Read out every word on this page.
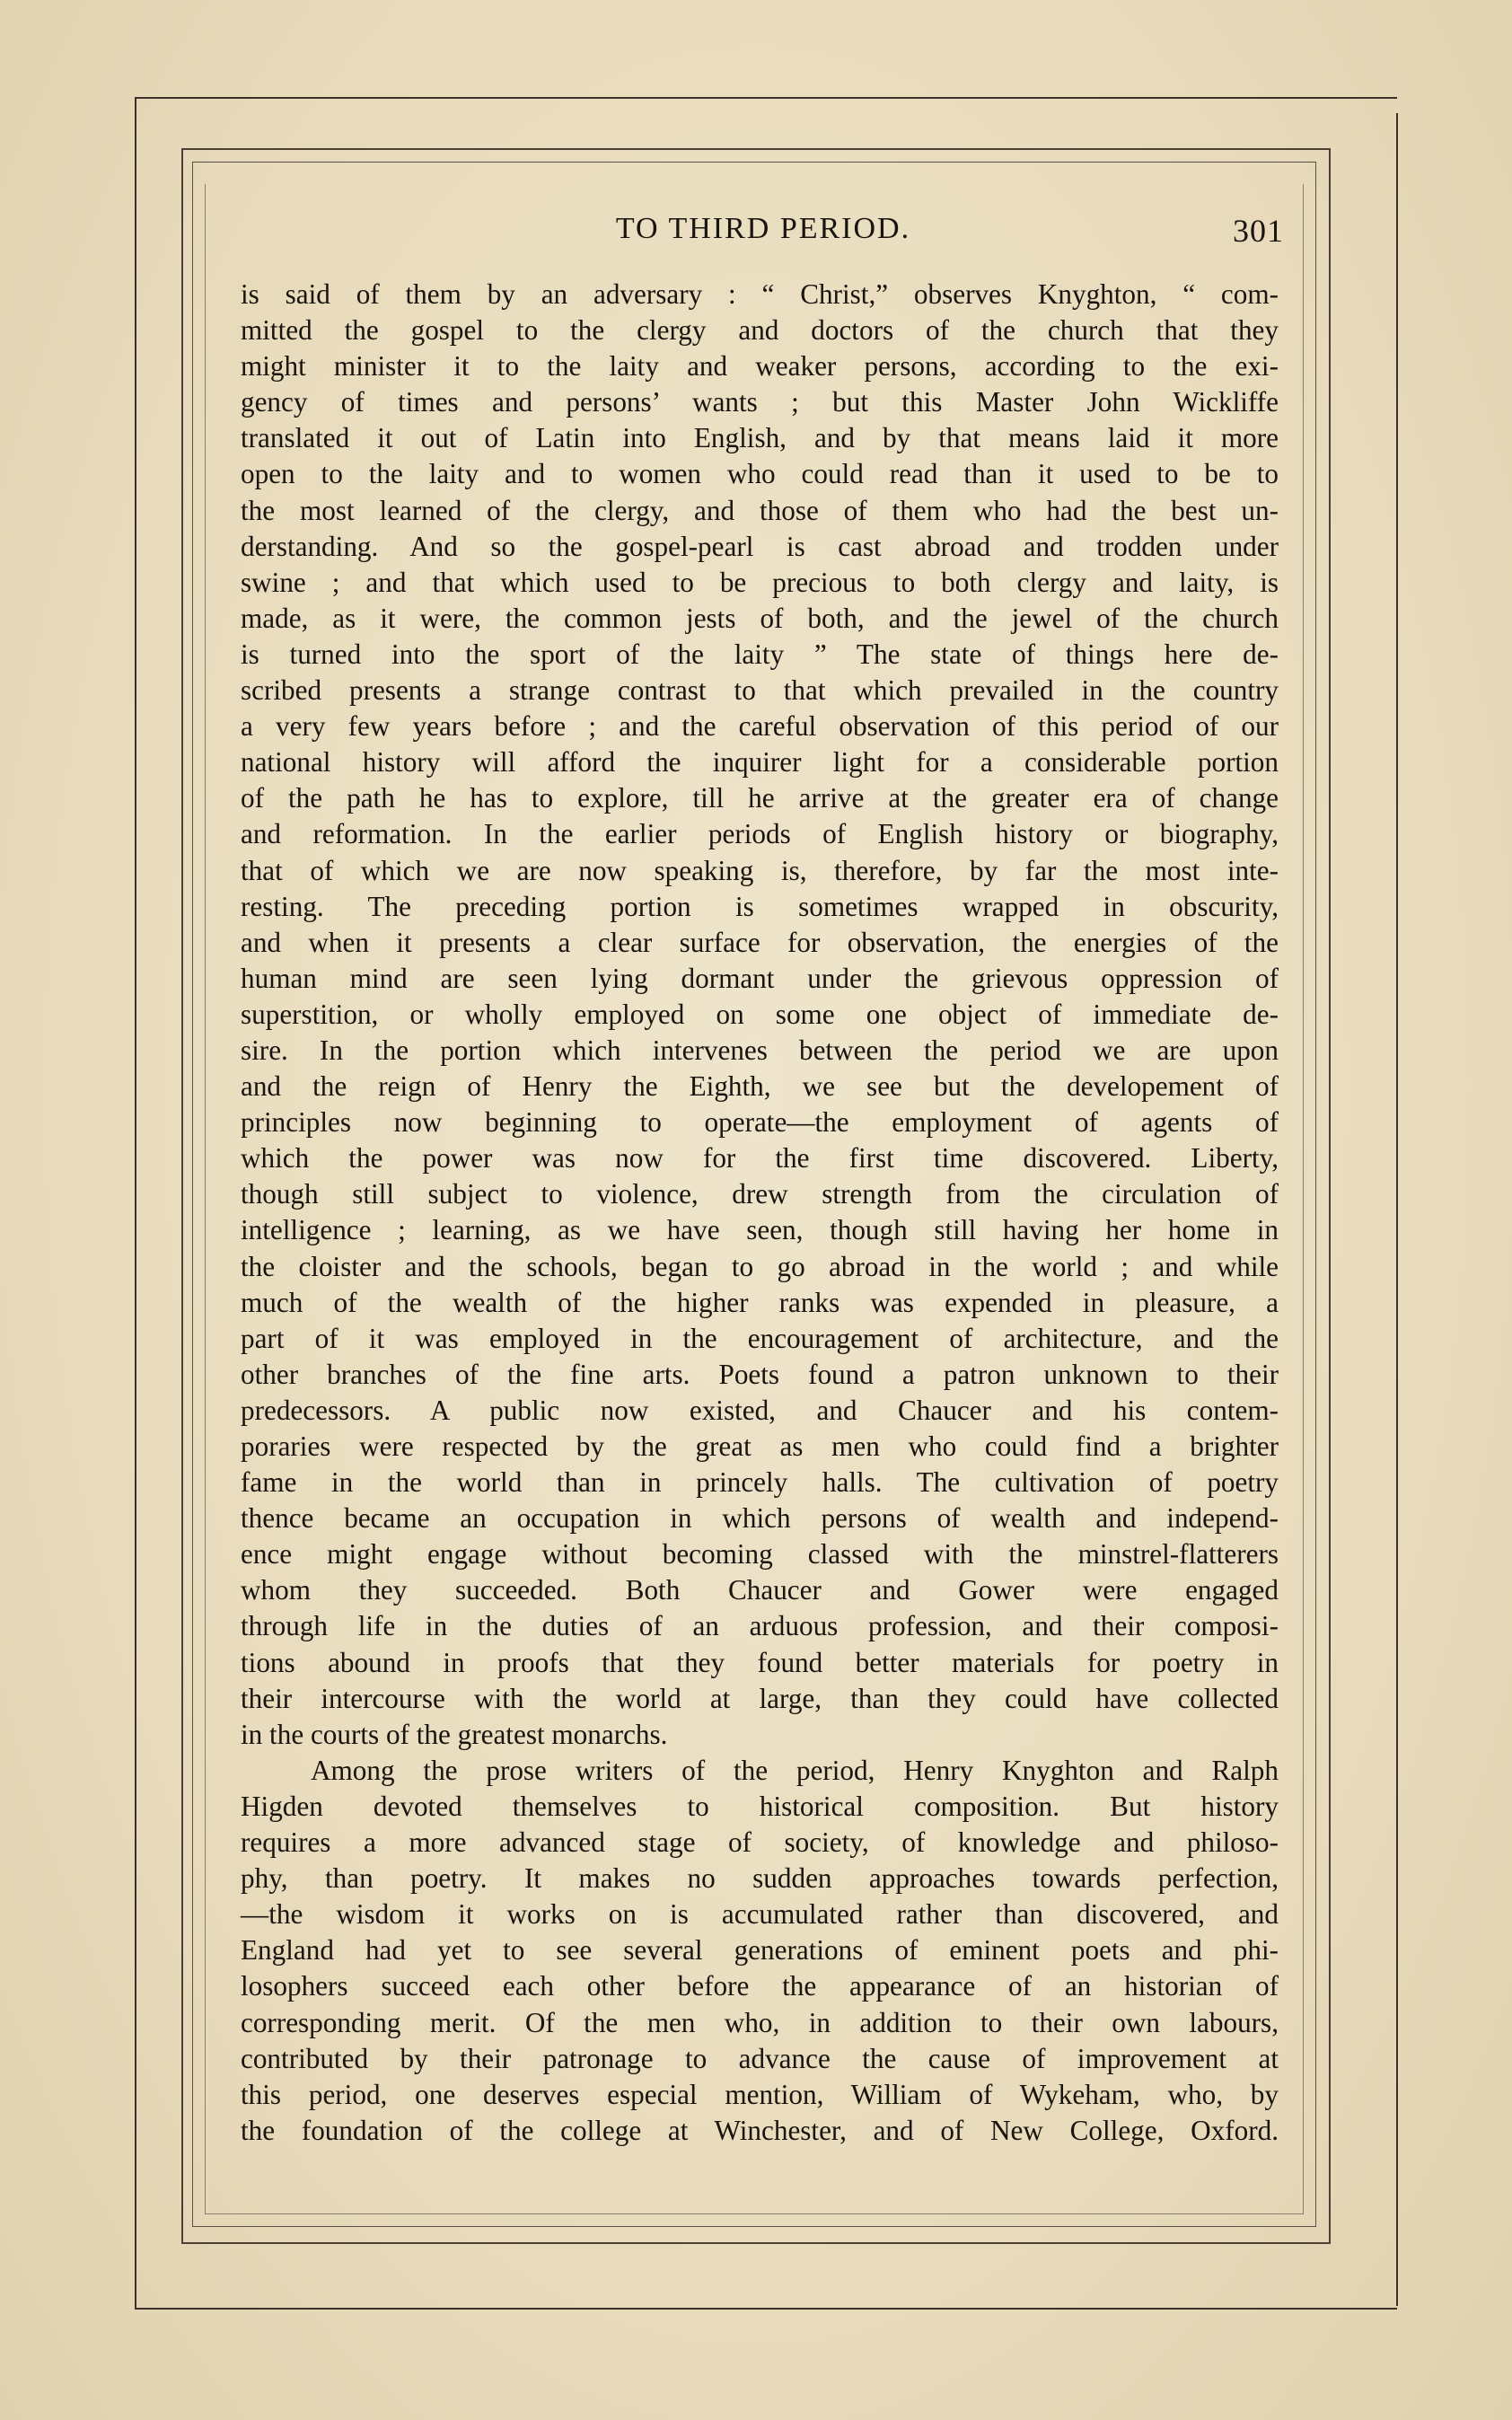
TO THIRD PERIOD.	301
is said of them by an adversary : “ Christ,” observes Knyghton, “ com-
mitted the gospel to the clergy and doctors of the church that they
might minister it to the laity and weaker persons, according to the exi-
gency of times and persons’ wants ; but this Master John Wickliffe
translated it out of Latin into English, and by that means laid it more
open to the laity and to women who could read than it used to be to
the most learned of the clergy, and those of them who had the best un-
derstanding. And so the gospel-pearl is cast abroad and trodden under
swine ; and that which used to be precious to both clergy and laity, is
made, as it were, the common jests of both, and the jewel of the church
is turned into the sport of the laity ” The state of things here de-
scribed presents a strange contrast to that which prevailed in the country
a very few years before ; and the careful observation of this period of our
national history will afford the inquirer light for a considerable portion
of the path he has to explore, till he arrive at the greater era of change
and reformation. In the earlier periods of English history or biography,
that of which we are now speaking is, therefore, by far the most inte-
resting. The preceding portion is sometimes wrapped in obscurity,
and when it presents a clear surface for observation, the energies of the
human mind are seen lying dormant under the grievous oppression of
superstition, or wholly employed on some one object of immediate de-
sire. In the portion which intervenes between the period we are upon
and the reign of Henry the Eighth, we see but the developement of
principles now beginning to operate—the employment of agents of
which the power was now for the first time discovered. Liberty,
though still subject to violence, drew strength from the circulation of
intelligence ; learning, as we have seen, though still having her home in
the cloister and the schools, began to go abroad in the world ; and while
much of the wealth of the higher ranks was expended in pleasure, a
part of it was employed in the encouragement of architecture, and the
other branches of the fine arts. Poets found a patron unknown to their
predecessors. A public now existed, and Chaucer and his contem-
poraries were respected by the great as men who could find a brighter
fame in the world than in princely halls. The cultivation of poetry
thence became an occupation in which persons of wealth and independ-
ence might engage without becoming classed with the minstrel-flatterers
whom they succeeded. Both Chaucer and Gower were engaged
through life in the duties of an arduous profession, and their composi-
tions abound in proofs that they found better materials for poetry in
their intercourse with the world at large, than they could have collected
in the courts of the greatest monarchs.
Among the prose writers of the period, Henry Knyghton and Ralph
Higden devoted themselves to historical composition. But history
requires a more advanced stage of society, of knowledge and philoso-
phy, than poetry. It makes no sudden approaches towards perfection,
—the wisdom it works on is accumulated rather than discovered, and
England had yet to see several generations of eminent poets and phi-
losophers succeed each other before the appearance of an historian of
corresponding merit. Of the men who, in addition to their own labours,
contributed by their patronage to advance the cause of improvement at
this period, one deserves especial mention, William of Wykeham, who, by
the foundation of the college at Winchester, and of New College, Oxford.
